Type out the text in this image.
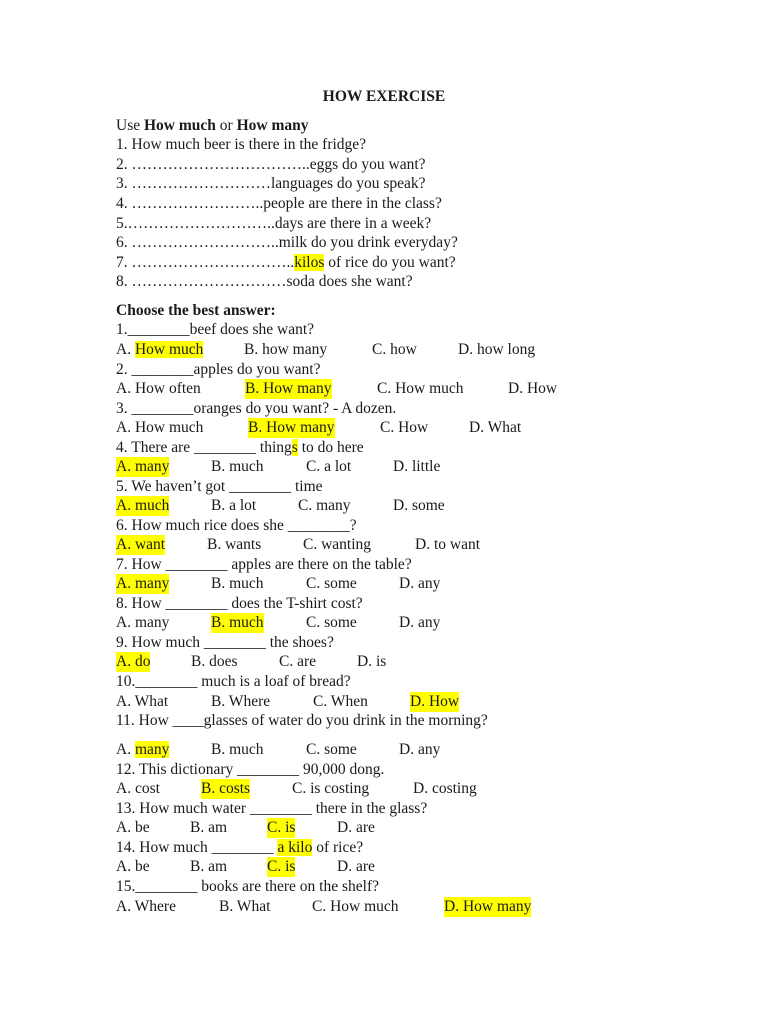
HOW EXERCISE
Use How much or How many
1. How much beer is there in the fridge?
2. ……………………………..eggs do you want?
3. ………………………languages do you speak?
4. ……………………..people are there in the class?
5.………………………..days are there in a week?
6. ………………………..milk do you drink everyday?
7. …………………………..kilos of rice do you want?
8. …………………………soda does she want?
Choose the best answer:
1.________beef does she want?
A. How much	B. how many	C. how	D. how long
2. ________apples do you want?
A. How often	B. How many	C. How much	D. How
3. ________oranges do you want? - A dozen.
A. How much	B. How many	C. How	D. What
4. There are ________ things to do here
A. many	B. much	C. a lot	D. little
5. We haven’t got ________ time
A. much	B. a lot	C. many	D. some
6. How much rice does she ________?
A. want	B. wants	C. wanting	D. to want
7. How ________ apples are there on the table?
A. many	B. much	C. some	D. any
8. How ________ does the T-shirt cost?
A. many	B. much	C. some	D. any
9. How much ________ the shoes?
A. do	B. does	C. are	D. is
10.________ much is a loaf of bread?
A. What	B. Where	C. When	D. How
11. How ____glasses of water do you drink in the morning?
A. many	B. much	C. some	D. any
12. This dictionary ________ 90,000 dong.
A. cost	B. costs	C. is costing	D. costing
13. How much water ________ there in the glass?
A. be	B. am	C. is	D. are
14. How much ________ a kilo of rice?
A. be	B. am	C. is	D. are
15.________ books are there on the shelf?
A. Where	B. What	C. How much	D. How many
